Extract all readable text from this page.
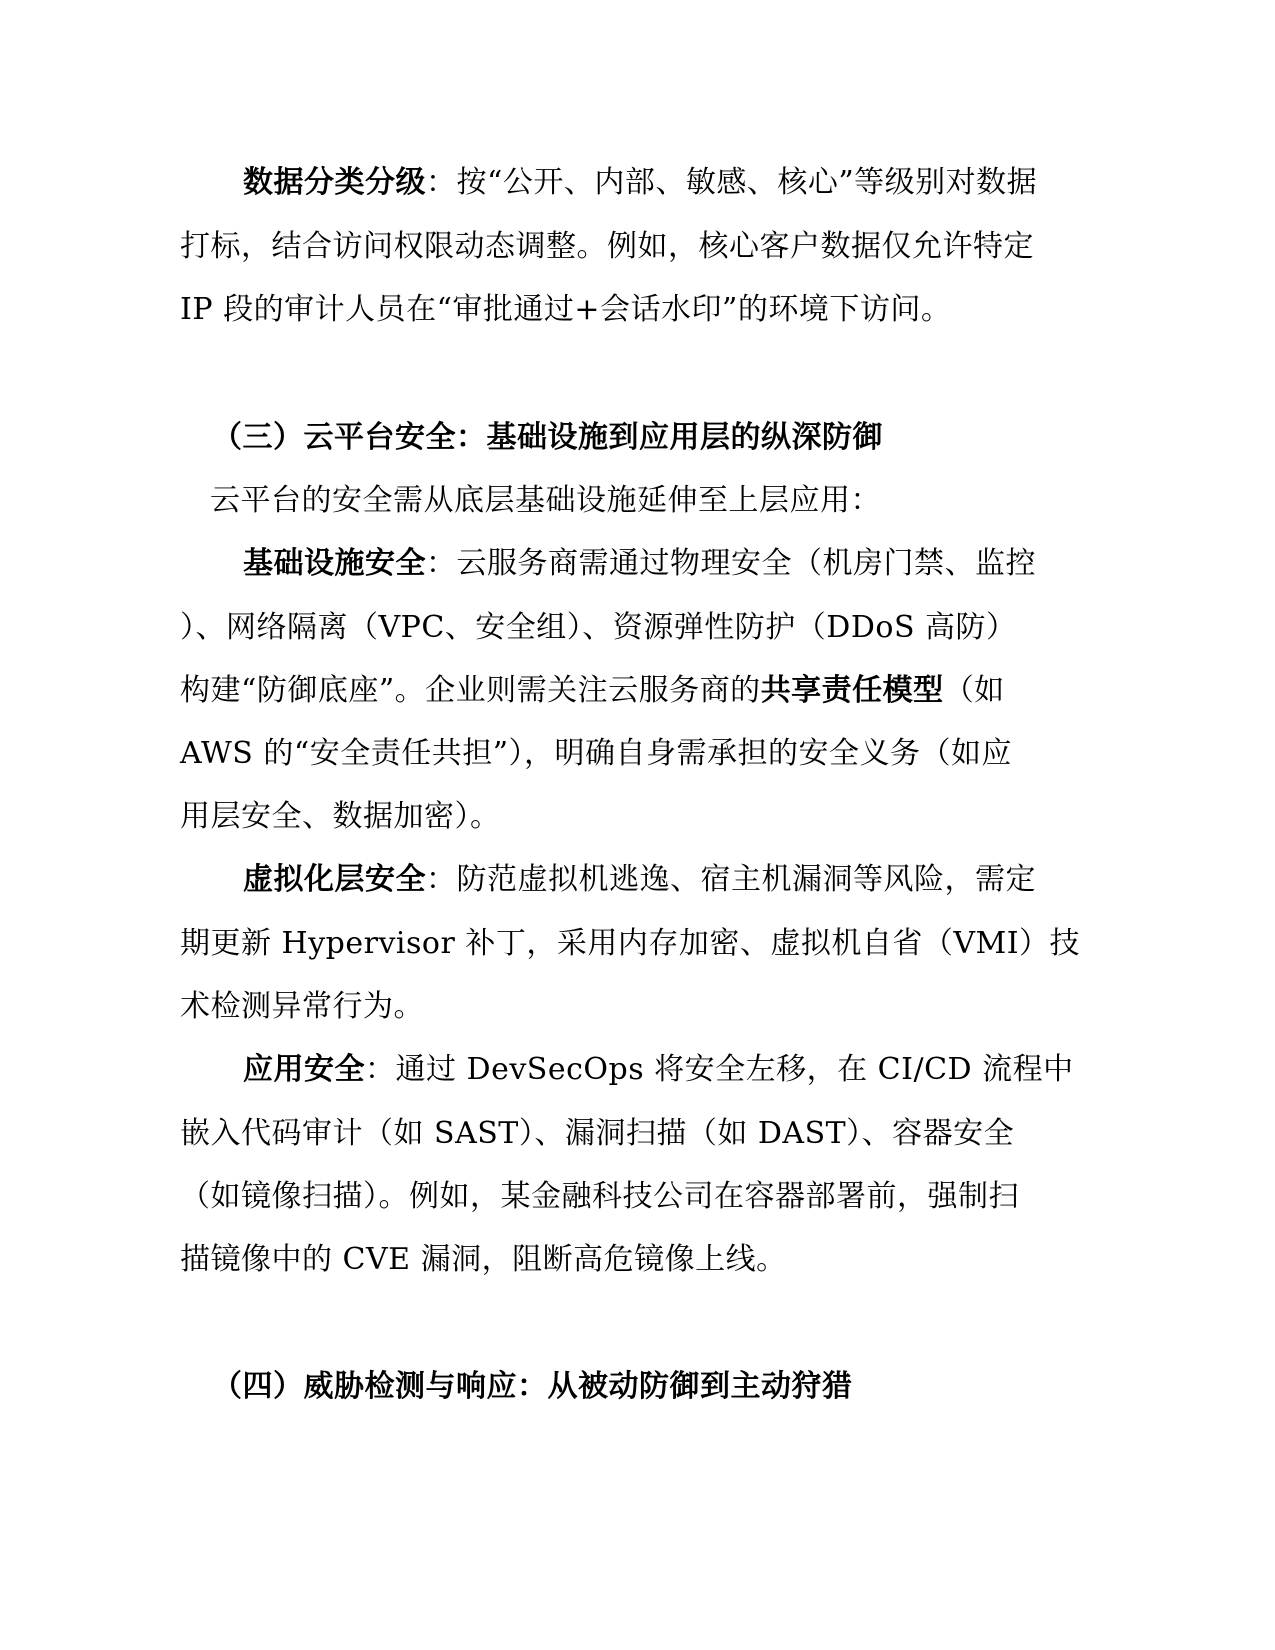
数据分类分级：按“公开、内部、敏感、核心”等级别对数据
打标，结合访问权限动态调整。例如，核心客户数据仅允许特定
IP 段的审计人员在“审批通过+会话水印”的环境下访问。
（三）云平台安全：基础设施到应用层的纵深防御
云平台的安全需从底层基础设施延伸至上层应用：
基础设施安全：云服务商需通过物理安全（机房门禁、监控
）、网络隔离（VPC、安全组）、资源弹性防护（DDoS 高防）
构建“防御底座”。企业则需关注云服务商的共享责任模型（如
AWS 的“安全责任共担”），明确自身需承担的安全义务（如应
用层安全、数据加密）。
虚拟化层安全：防范虚拟机逃逸、宿主机漏洞等风险，需定
期更新 Hypervisor 补丁，采用内存加密、虚拟机自省（VMI）技
术检测异常行为。
应用安全：通过 DevSecOps 将安全左移，在 CI/CD 流程中
嵌入代码审计（如 SAST）、漏洞扫描（如 DAST）、容器安全
（如镜像扫描）。例如，某金融科技公司在容器部署前，强制扫
描镜像中的 CVE 漏洞，阻断高危镜像上线。
（四）威胁检测与响应：从被动防御到主动狩猎
